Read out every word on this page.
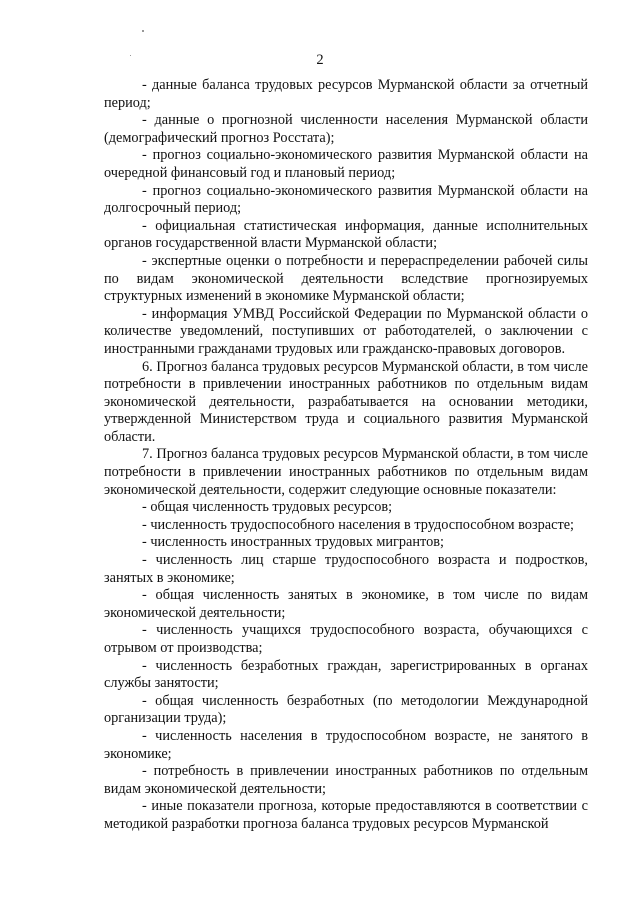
2

- данные баланса трудовых ресурсов Мурманской области за отчетный период;

- данные о прогнозной численности населения Мурманской области (демографический прогноз Росстата);

- прогноз социально-экономического развития Мурманской области на очередной финансовый год и плановый период;

- прогноз социально-экономического развития Мурманской области на долгосрочный период;

- официальная статистическая информация, данные исполнительных органов государственной власти Мурманской области;

- экспертные оценки о потребности и перераспределении рабочей силы по видам экономической деятельности вследствие прогнозируемых структурных изменений в экономике Мурманской области;

- информация УМВД Российской Федерации по Мурманской области о количестве уведомлений, поступивших от работодателей, о заключении с иностранными гражданами трудовых или гражданско-правовых договоров.

6. Прогноз баланса трудовых ресурсов Мурманской области, в том числе потребности в привлечении иностранных работников по отдельным видам экономической деятельности, разрабатывается на основании методики, утвержденной Министерством труда и социального развития Мурманской области.

7. Прогноз баланса трудовых ресурсов Мурманской области, в том числе потребности в привлечении иностранных работников по отдельным видам экономической деятельности, содержит следующие основные показатели:

- общая численность трудовых ресурсов;

- численность трудоспособного населения в трудоспособном возрасте;

- численность иностранных трудовых мигрантов;

- численность лиц старше трудоспособного возраста и подростков, занятых в экономике;

- общая численность занятых в экономике, в том числе по видам экономической деятельности;

- численность учащихся трудоспособного возраста, обучающихся с отрывом от производства;

- численность безработных граждан, зарегистрированных в органах службы занятости;

- общая численность безработных (по методологии Международной организации труда);

- численность населения в трудоспособном возрасте, не занятого в экономике;

- потребность в привлечении иностранных работников по отдельным видам экономической деятельности;

- иные показатели прогноза, которые предоставляются в соответствии с методикой разработки прогноза баланса трудовых ресурсов Мурманской
